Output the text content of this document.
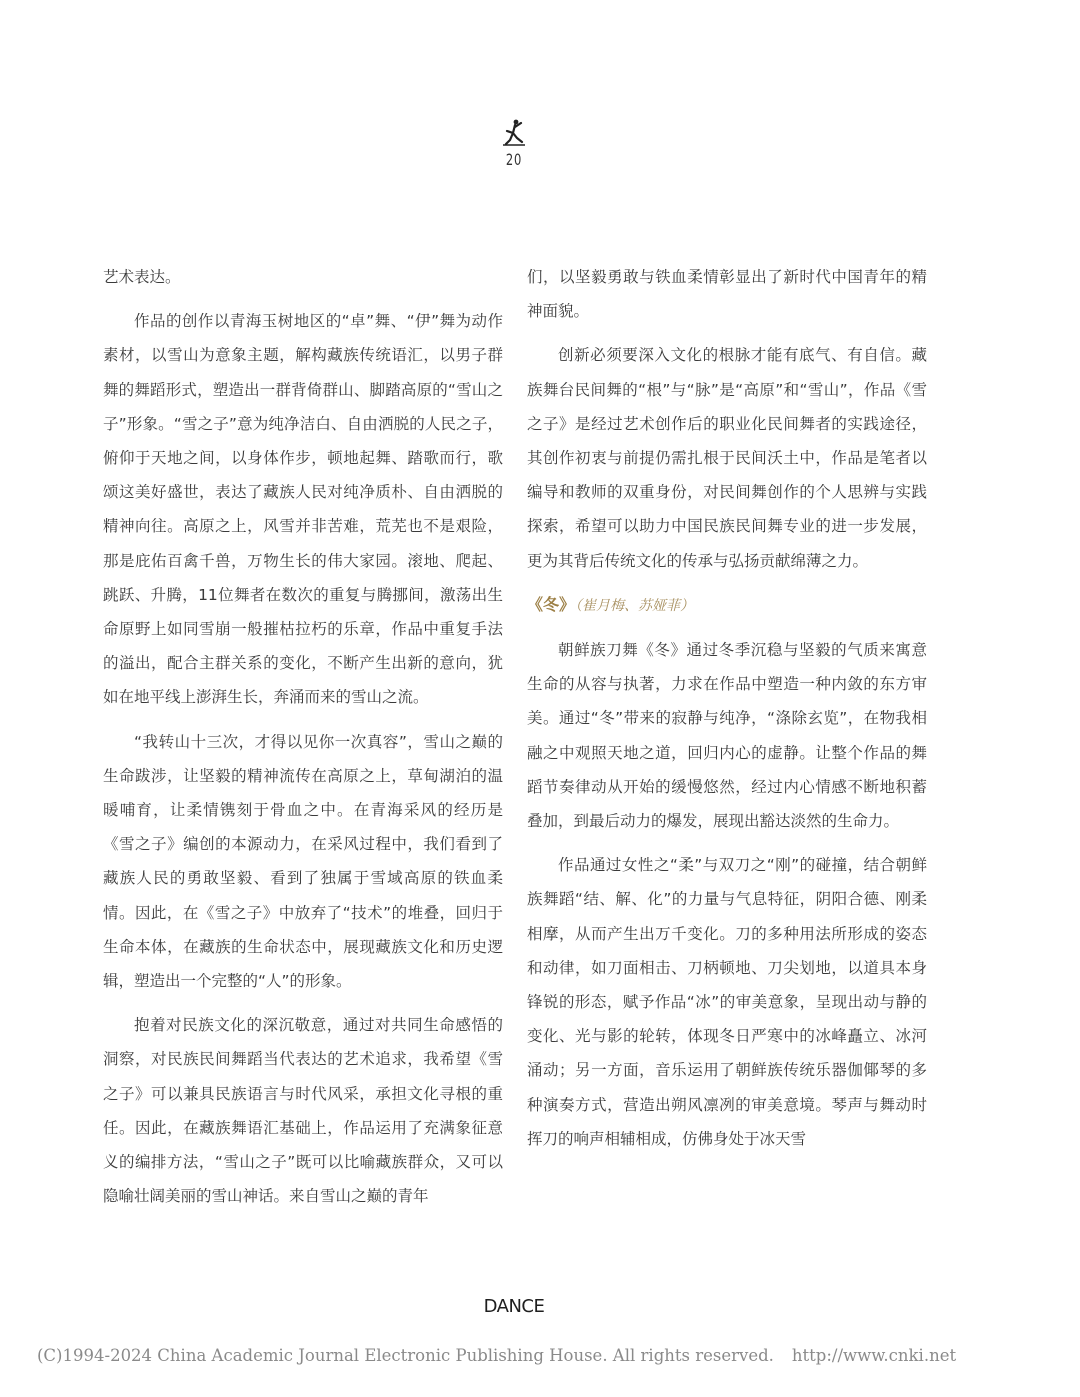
20

艺术表达。

作品的创作以青海玉树地区的“卓”舞、“伊”舞为动作素材，以雪山为意象主题，解构藏族传统语汇，以男子群舞的舞蹈形式，塑造出一群背倚群山、脚踏高原的“雪山之子”形象。“雪之子”意为纯净洁白、自由洒脱的人民之子，俯仰于天地之间，以身体作步，顿地起舞、踏歌而行，歌颂这美好盛世，表达了藏族人民对纯净质朴、自由洒脱的精神向往。高原之上，风雪并非苦难，荒芜也不是艰险，那是庇佑百禽千兽，万物生长的伟大家园。滚地、爬起、跳跃、升腾，11位舞者在数次的重复与腾挪间，激荡出生命原野上如同雪崩一般摧枯拉朽的乐章，作品中重复手法的溢出，配合主群关系的变化，不断产生出新的意向，犹如在地平线上澎湃生长，奔涌而来的雪山之流。

“我转山十三次，才得以见你一次真容”，雪山之巅的生命跋涉，让坚毅的精神流传在高原之上，草甸湖泊的温暖哺育，让柔情镌刻于骨血之中。在青海采风的经历是《雪之子》编创的本源动力，在采风过程中，我们看到了藏族人民的勇敢坚毅、看到了独属于雪域高原的铁血柔情。因此，在《雪之子》中放弃了“技术”的堆叠，回归于生命本体，在藏族的生命状态中，展现藏族文化和历史逻辑，塑造出一个完整的“人”的形象。

抱着对民族文化的深沉敬意，通过对共同生命感悟的洞察，对民族民间舞蹈当代表达的艺术追求，我希望《雪之子》可以兼具民族语言与时代风采，承担文化寻根的重任。因此，在藏族舞语汇基础上，作品运用了充满象征意义的编排方法，“雪山之子”既可以比喻藏族群众，又可以隐喻壮阔美丽的雪山神话。来自雪山之巅的青年

们，以坚毅勇敢与铁血柔情彰显出了新时代中国青年的精神面貌。

创新必须要深入文化的根脉才能有底气、有自信。藏族舞台民间舞的“根”与“脉”是“高原”和“雪山”，作品《雪之子》是经过艺术创作后的职业化民间舞者的实践途径，其创作初衷与前提仍需扎根于民间沃土中，作品是笔者以编导和教师的双重身份，对民间舞创作的个人思辨与实践探索，希望可以助力中国民族民间舞专业的进一步发展，更为其背后传统文化的传承与弘扬贡献绵薄之力。

《冬》（崔月梅、苏娅菲）

朝鲜族刀舞《冬》通过冬季沉稳与坚毅的气质来寓意生命的从容与执著，力求在作品中塑造一种内敛的东方审美。通过“冬”带来的寂静与纯净，“涤除玄览”，在物我相融之中观照天地之道，回归内心的虚静。让整个作品的舞蹈节奏律动从开始的缓慢悠然，经过内心情感不断地积蓄叠加，到最后动力的爆发，展现出豁达淡然的生命力。

作品通过女性之“柔”与双刀之“刚”的碰撞，结合朝鲜族舞蹈“结、解、化”的力量与气息特征，阴阳合德、刚柔相摩，从而产生出万千变化。刀的多种用法所形成的姿态和动律，如刀面相击、刀柄顿地、刀尖划地，以道具本身锋锐的形态，赋予作品“冰”的审美意象，呈现出动与静的变化、光与影的轮转，体现冬日严寒中的冰峰矗立、冰河涌动；另一方面，音乐运用了朝鲜族传统乐器伽倻琴的多种演奏方式，营造出朔风凛冽的审美意境。琴声与舞动时挥刀的响声相辅相成，仿佛身处于冰天雪

DANCE
(C)1994-2024 China Academic Journal Electronic Publishing House. All rights reserved. http://www.cnki.net
